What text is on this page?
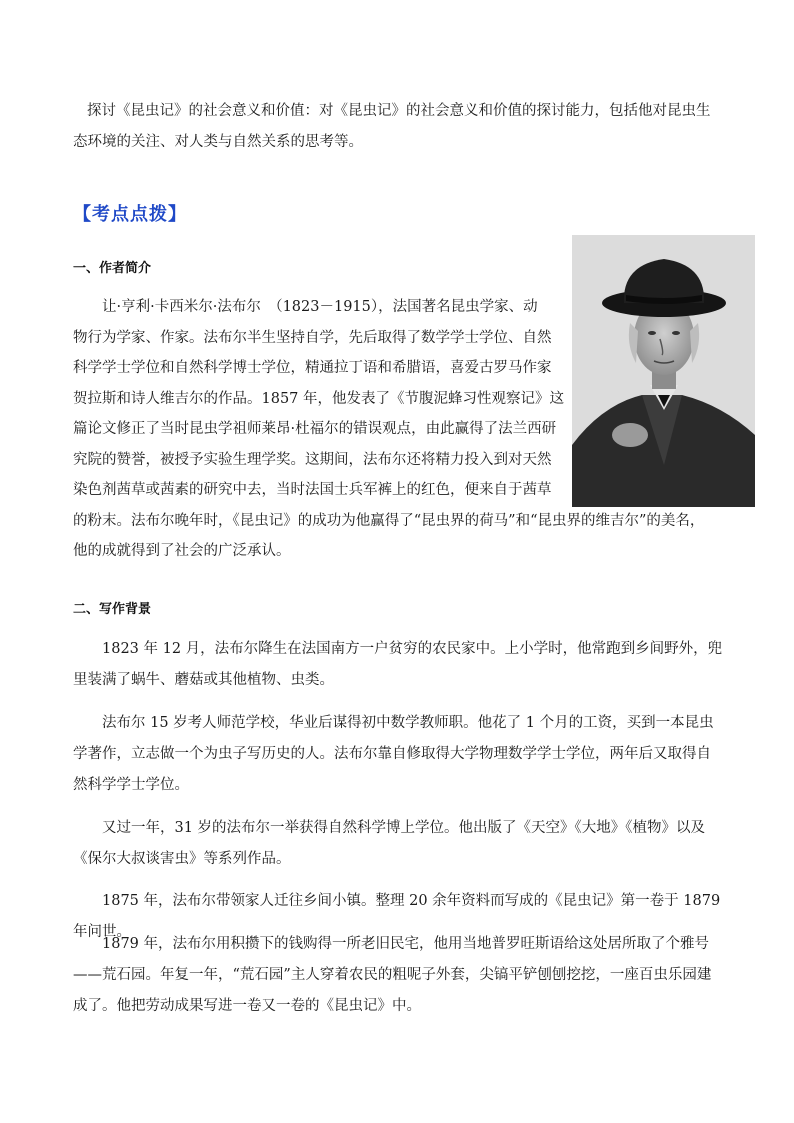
探讨《昆虫记》的社会意义和价值：对《昆虫记》的社会意义和价值的探讨能力，包括他对昆虫生态环境的关注、对人类与自然关系的思考等。

【考点点拨】
一、作者简介
让·亨利·卡西米尔·法布尔　（1823－1915），法国著名昆虫学家、动
物行为学家、作家。法布尔半生坚持自学，先后取得了数学学士学位、自然
科学学士学位和自然科学博士学位，精通拉丁语和希腊语，喜爱古罗马作家
贺拉斯和诗人维吉尔的作品。1857 年，他发表了《节腹泥蜂习性观察记》这
篇论文修正了当时昆虫学祖师莱昂·杜福尔的错误观点，由此赢得了法兰西研
究院的赞誉，被授予实验生理学奖。这期间，法布尔还将精力投入到对天然
染色剂茜草或茜素的研究中去，当时法国士兵军裤上的红色，便来自于茜草
的粉末。法布尔晚年时，《昆虫记》的成功为他赢得了“昆虫界的荷马”和“昆虫界的维吉尔”的美名，
他的成就得到了社会的广泛承认。
二、写作背景

1823 年 12 月，法布尔降生在法国南方一户贫穷的农民家中。上小学时，他常跑到乡间野外，兜里装满了蜗牛、蘑菇或其他植物、虫类。

法布尔 15 岁考人师范学校，华业后谋得初中数学教师职。他花了 1 个月的工资，买到一本昆虫学著作，立志做一个为虫子写历史的人。法布尔靠自修取得大学物理数学学士学位，两年后又取得自然科学学士学位。

又过一年，31 岁的法布尔一举获得自然科学博上学位。他出版了《天空》《大地》《植物》以及《保尔大叔谈害虫》等系列作品。

1875 年，法布尔带领家人迁往乡间小镇。整理 20 余年资料而写成的《昆虫记》第一卷于 1879 年问世。

1879 年，法布尔用积攒下的钱购得一所老旧民宅，他用当地普罗旺斯语给这处居所取了个雅号——荒石园。年复一年，“荒石园”主人穿着农民的粗呢子外套，尖镐平铲刨刨挖挖，一座百虫乐园建成了。他把劳动成果写进一卷又一卷的《昆虫记》中。
